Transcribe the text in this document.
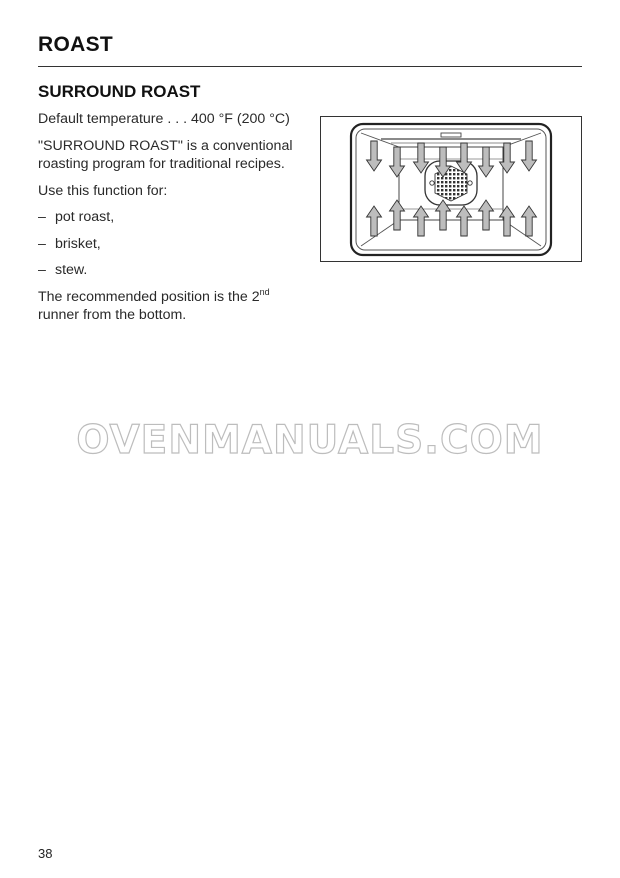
ROAST
SURROUND ROAST

Default temperature . . . 400 °F (200 °C)

"SURROUND ROAST" is a conventional roasting program for traditional recipes.

Use this function for:

– pot roast,
– brisket,
– stew.

The recommended position is the 2nd
runner from the bottom.

OVENMANUALS.COM
38
